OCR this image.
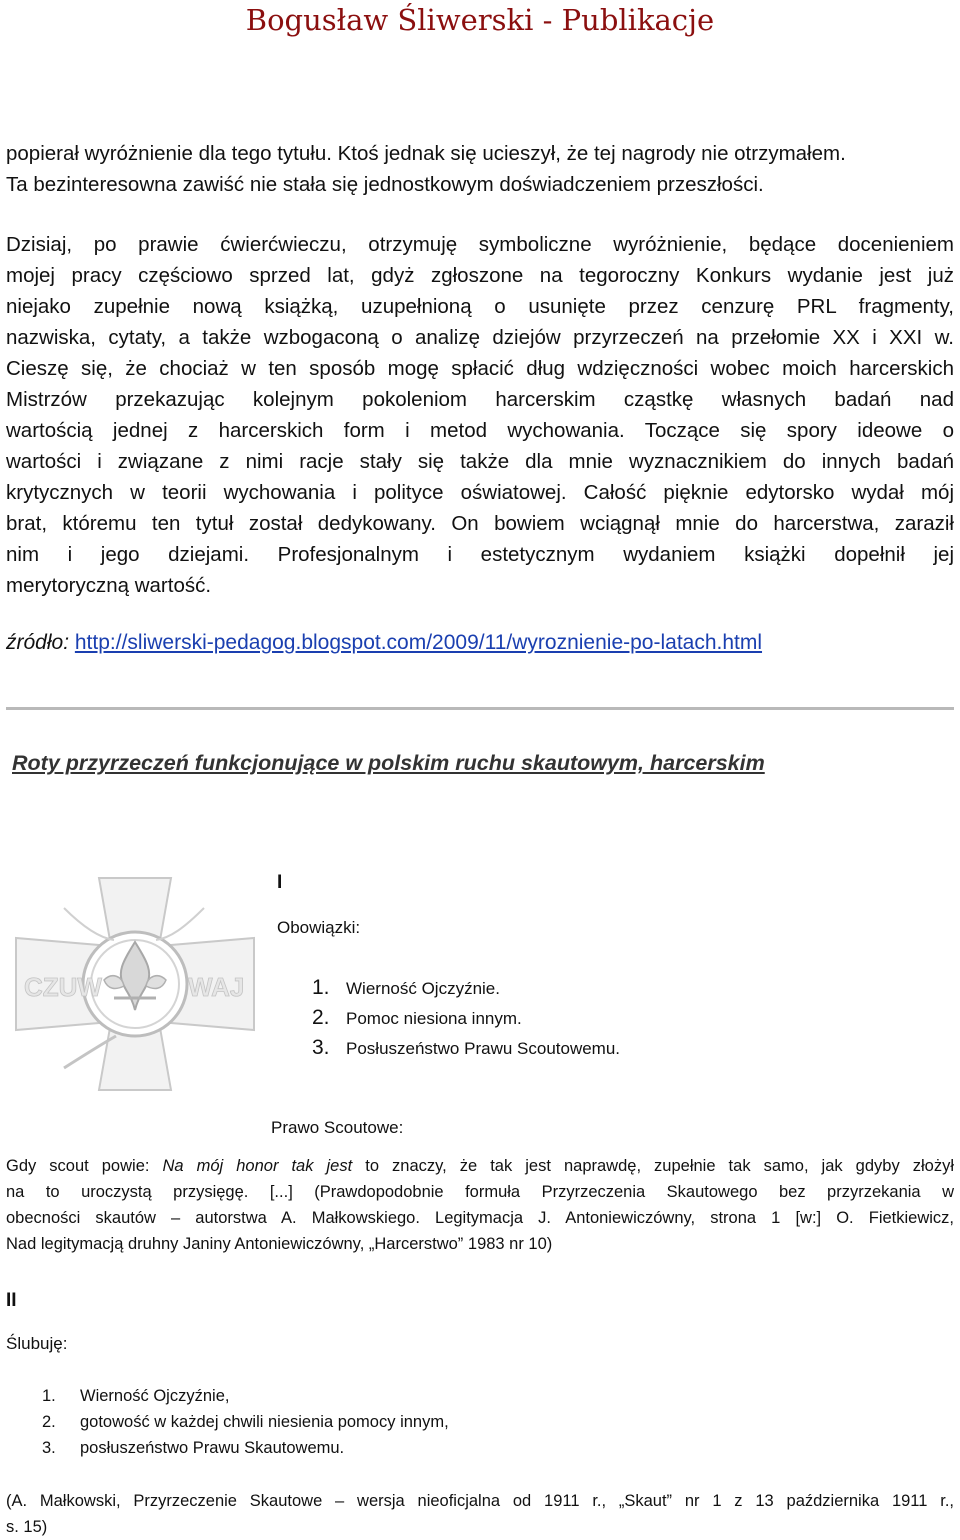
Bogusław Śliwerski - Publikacje
popierał wyróżnienie dla tego tytułu. Ktoś jednak się ucieszył, że tej nagrody nie otrzymałem.
Ta bezinteresowna zawiść nie stała się jednostkowym doświadczeniem przeszłości.
Dzisiaj, po prawie ćwierćwieczu, otrzymuję symboliczne wyróżnienie, będące docenieniem
mojej pracy częściowo sprzed lat, gdyż zgłoszone na tegoroczny Konkurs wydanie jest już
niejako zupełnie nową książką, uzupełnioną o usunięte przez cenzurę PRL fragmenty,
nazwiska, cytaty, a także wzbogaconą o analizę dziejów przyrzeczeń na przełomie XX i XXI w.
Cieszę się, że chociaż w ten sposób mogę spłacić dług wdzięczności wobec moich harcerskich
Mistrzów przekazując kolejnym pokoleniom harcerskim cząstkę własnych badań nad
wartością jednej z harcerskich form i metod wychowania. Toczące się spory ideowe o
wartości i związane z nimi racje stały się także dla mnie wyznacznikiem do innych badań
krytycznych w teorii wychowania i polityce oświatowej. Całość pięknie edytorsko wydał mój
brat, któremu ten tytuł został dedykowany. On bowiem wciągnął mnie do harcerstwa, zaraził
nim i jego dziejami. Profesjonalnym i estetycznym wydaniem książki dopełnił jej
merytoryczną wartość.
źródło: http://sliwerski-pedagog.blogspot.com/2009/11/wyroznienie-po-latach.html
Roty przyrzeczeń funkcjonujące w polskim ruchu skautowym, harcerskim
CZUW	WAJ
I
Obowiązki:
1. Wierność Ojczyźnie.
2. Pomoc niesiona innym.
3. Posłuszeństwo Prawu Scoutowemu.
Prawo Scoutowe:
Gdy scout powie: Na mój honor tak jest to znaczy, że tak jest naprawdę, zupełnie tak samo, jak gdyby złożył
na to uroczystą przysięgę. [...] (Prawdopodobnie formuła Przyrzeczenia Skautowego bez przyrzekania w
obecności skautów – autorstwa A. Małkowskiego. Legitymacja J. Antoniewiczówny, strona 1 [w:] O. Fietkiewicz,
Nad legitymacją druhny Janiny Antoniewiczówny, „Harcerstwo” 1983 nr 10)
II
Ślubuję:
1. Wierność Ojczyźnie,
2. gotowość w każdej chwili niesienia pomocy innym,
3. posłuszeństwo Prawu Skautowemu.
(A. Małkowski, Przyrzeczenie Skautowe – wersja nieoficjalna od 1911 r., „Skaut” nr 1 z 13 października 1911 r.,
s. 15)
